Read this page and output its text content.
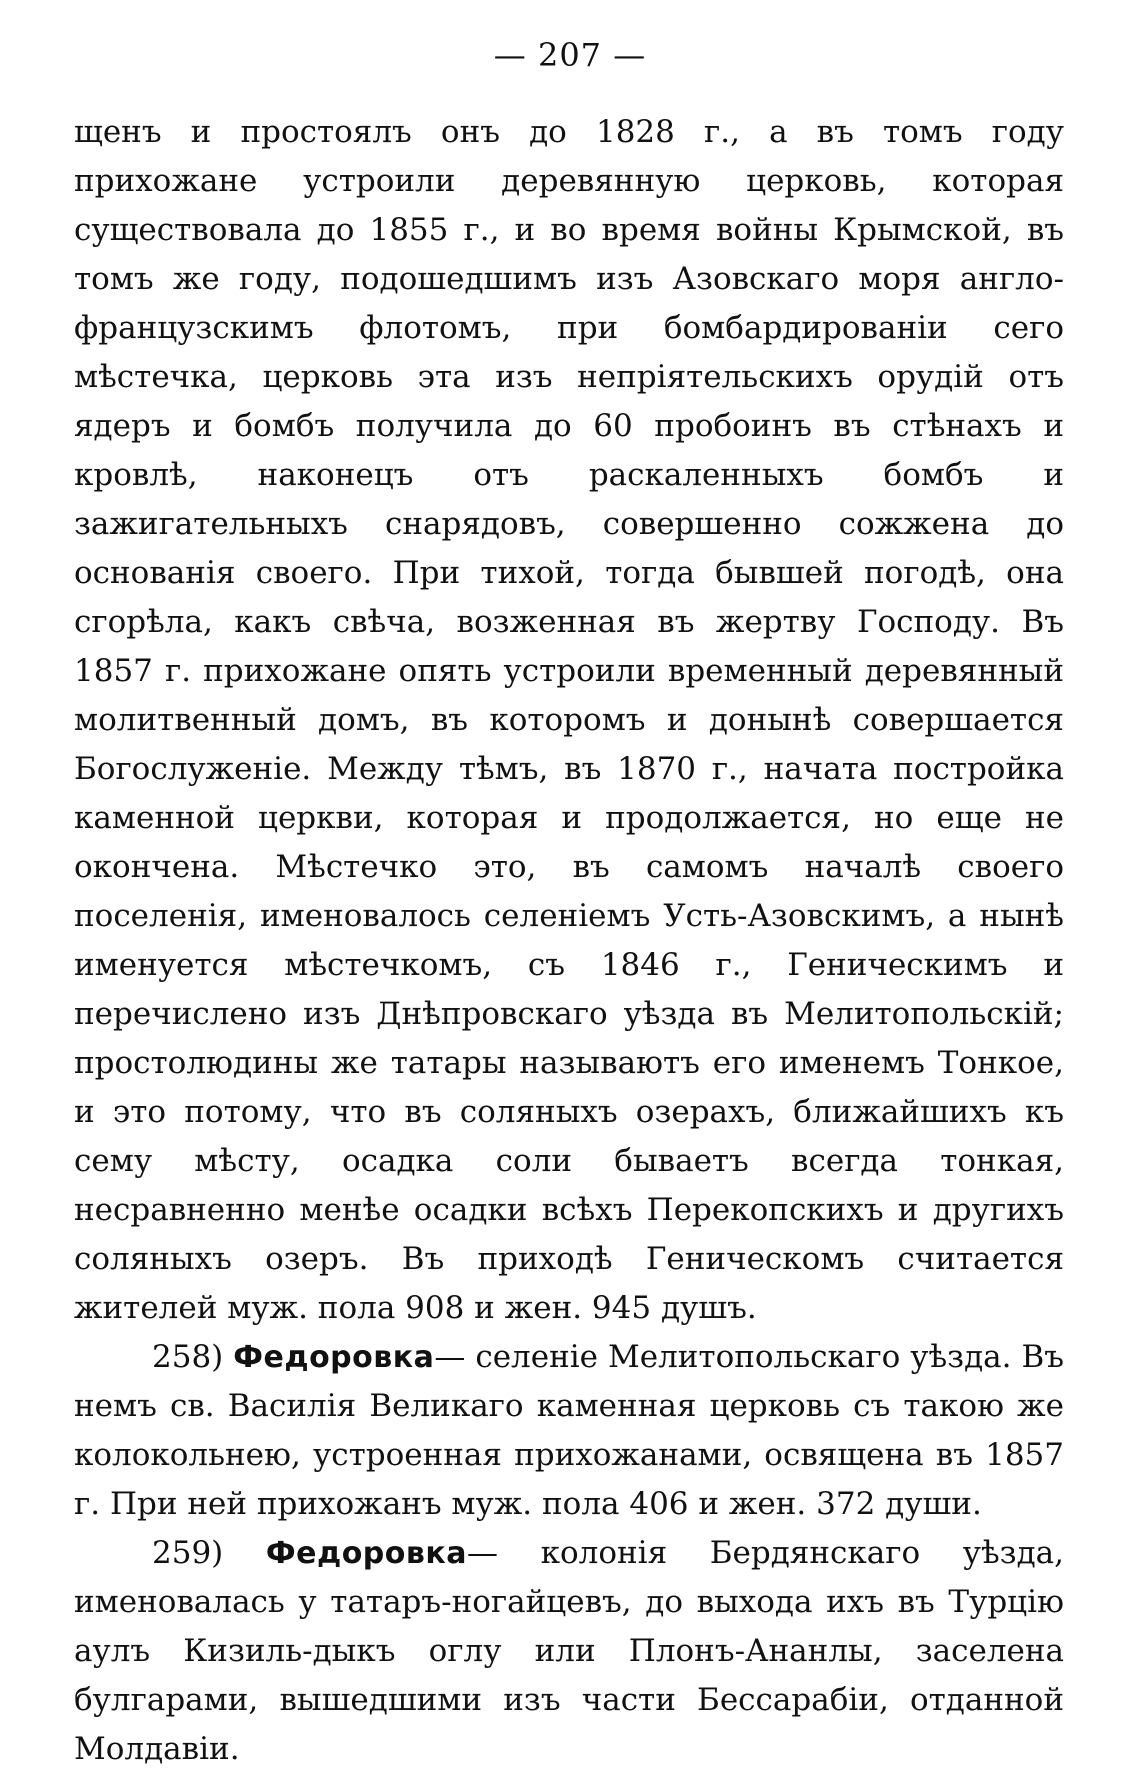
— 207 —

щенъ и простоялъ онъ до 1828 г., а въ томъ году прихожане устроили деревянную церковь, которая существовала до 1855 г., и во время войны Крымской, въ томъ же году, подошедшимъ изъ Азовскаго моря англо-французскимъ флотомъ, при бомбардированіи сего мѣстечка, церковь эта изъ непріятельскихъ орудій отъ ядеръ и бомбъ получила до 60 пробоинъ въ стѣнахъ и кровлѣ, наконецъ отъ раскаленныхъ бомбъ и зажигательныхъ снарядовъ, совершенно сожжена до основанія своего. При тихой, тогда бывшей погодѣ, она сгорѣла, какъ свѣча, возженная въ жертву Господу. Въ 1857 г. прихожане опять устроили временный деревянный молитвенный домъ, въ которомъ и донынѣ совершается Богослуженіе. Между тѣмъ, въ 1870 г., начата постройка каменной церкви, которая и продолжается, но еще не окончена. Мѣстечко это, въ самомъ началѣ своего поселенія, именовалось селеніемъ Усть-Азовскимъ, а нынѣ именуется мѣстечкомъ, съ 1846 г., Геническимъ и перечислено изъ Днѣпровскаго уѣзда въ Мелитопольскій; простолюдины же татары называютъ его именемъ Тонкое, и это потому, что въ соляныхъ озерахъ, ближайшихъ къ сему мѣсту, осадка соли бываетъ всегда тонкая, несравненно менѣе осадки всѣхъ Перекопскихъ и другихъ соляныхъ озеръ. Въ приходѣ Геническомъ считается жителей муж. пола 908 и жен. 945 душъ.

258) Федоровка— селеніе Мелитопольскаго уѣзда. Въ немъ св. Василія Великаго каменная церковь съ такою же колокольнею, устроенная прихожанами, освящена въ 1857 г. При ней прихожанъ муж. пола 406 и жен. 372 души.

259) Федоровка— колонія Бердянскаго уѣзда, именовалась у татаръ-ногайцевъ, до выхода ихъ въ Турцію аулъ Кизиль-дыкъ оглу или Плонъ-Ананлы, заселена булгарами, вышедшими изъ части Бессарабіи, отданной Молдавіи.
